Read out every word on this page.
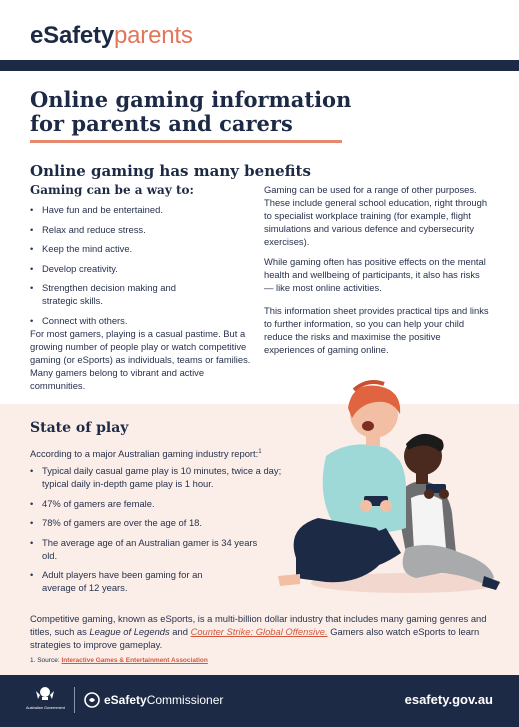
eSafetyparents
Online gaming information
for parents and carers
Online gaming has many benefits
Gaming can be a way to:
• Have fun and be entertained.
• Relax and reduce stress.
• Keep the mind active.
• Develop creativity.
• Strengthen decision making and strategic skills.
• Connect with others.

For most gamers, playing is a casual pastime. But a growing number of people play or watch competitive gaming (or eSports) as individuals, teams or families. Many gamers belong to vibrant and active communities.

Gaming can be used for a range of other purposes. These include general school education, right through to specialist workplace training (for example, flight simulations and various defence and cybersecurity exercises).

While gaming often has positive effects on the mental health and wellbeing of participants, it also has risks — like most online activities.

This information sheet provides practical tips and links to further information, so you can help your child reduce the risks and maximise the positive experiences of gaming online.

State of play

According to a major Australian gaming industry report:$^1$

• Typical daily casual game play is 10 minutes, twice a day; typical daily in-depth game play is 1 hour.
• 47% of gamers are female.
• 78% of gamers are over the age of 18.
• The average age of an Australian gamer is 34 years old.
• Adult players have been gaming for an average of 12 years.

Competitive gaming, known as eSports, is a multi-billion dollar industry that includes many gaming genres and titles, such as League of Legends and Counter Strike: Global Offensive. Gamers also watch eSports to learn strategies to improve gameplay.

1. Source: Interactive Games & Entertainment Association

Australian Government
eSafetyCommissioner	esafety.gov.au
